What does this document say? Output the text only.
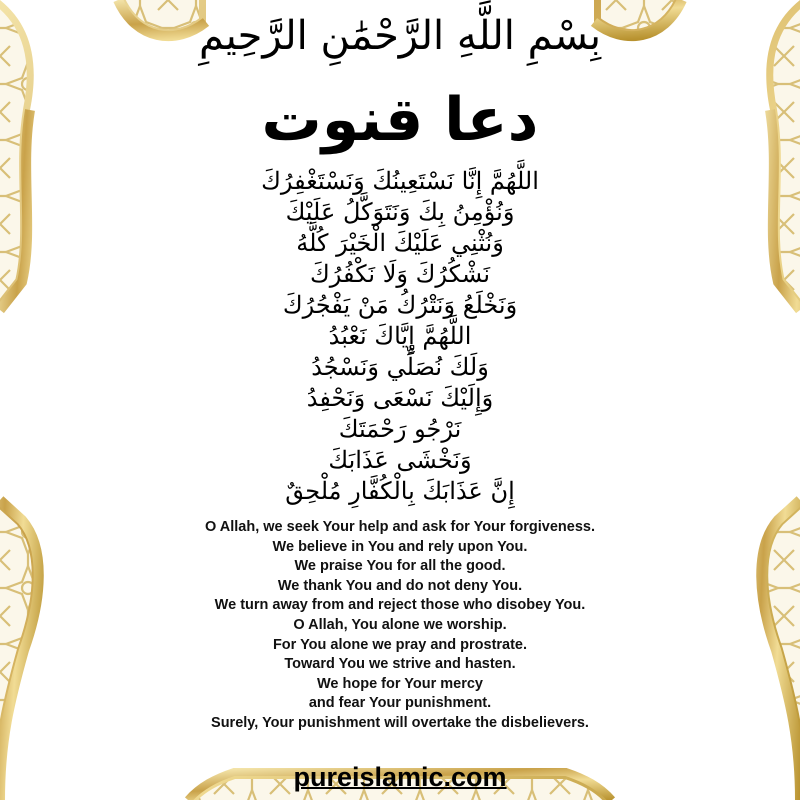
بِسْمِ اللَّهِ الرَّحْمَٰنِ الرَّحِيمِ
دعا قنوت
اللَّهُمَّ إِنَّا نَسْتَعِينُكَ وَنَسْتَغْفِرُكَ
وَنُؤْمِنُ بِكَ وَنَتَوَكَّلُ عَلَيْكَ
وَنُثْنِي عَلَيْكَ الْخَيْرَ كُلَّهُ
نَشْكُرُكَ وَلَا نَكْفُرُكَ
وَنَخْلَعُ وَنَتْرُكُ مَنْ يَفْجُرُكَ
اللَّهُمَّ إِيَّاكَ نَعْبُدُ
وَلَكَ نُصَلِّي وَنَسْجُدُ
وَإِلَيْكَ نَسْعَى وَنَحْفِدُ
نَرْجُو رَحْمَتَكَ
وَنَخْشَى عَذَابَكَ
إِنَّ عَذَابَكَ بِالْكُفَّارِ مُلْحِقٌ
O Allah, we seek Your help and ask for Your forgiveness.
We believe in You and rely upon You.
We praise You for all the good.
We thank You and do not deny You.
We turn away from and reject those who disobey You.
O Allah, You alone we worship.
For You alone we pray and prostrate.
Toward You we strive and hasten.
We hope for Your mercy
and fear Your punishment.
Surely, Your punishment will overtake the disbelievers.
pureislamic.com
